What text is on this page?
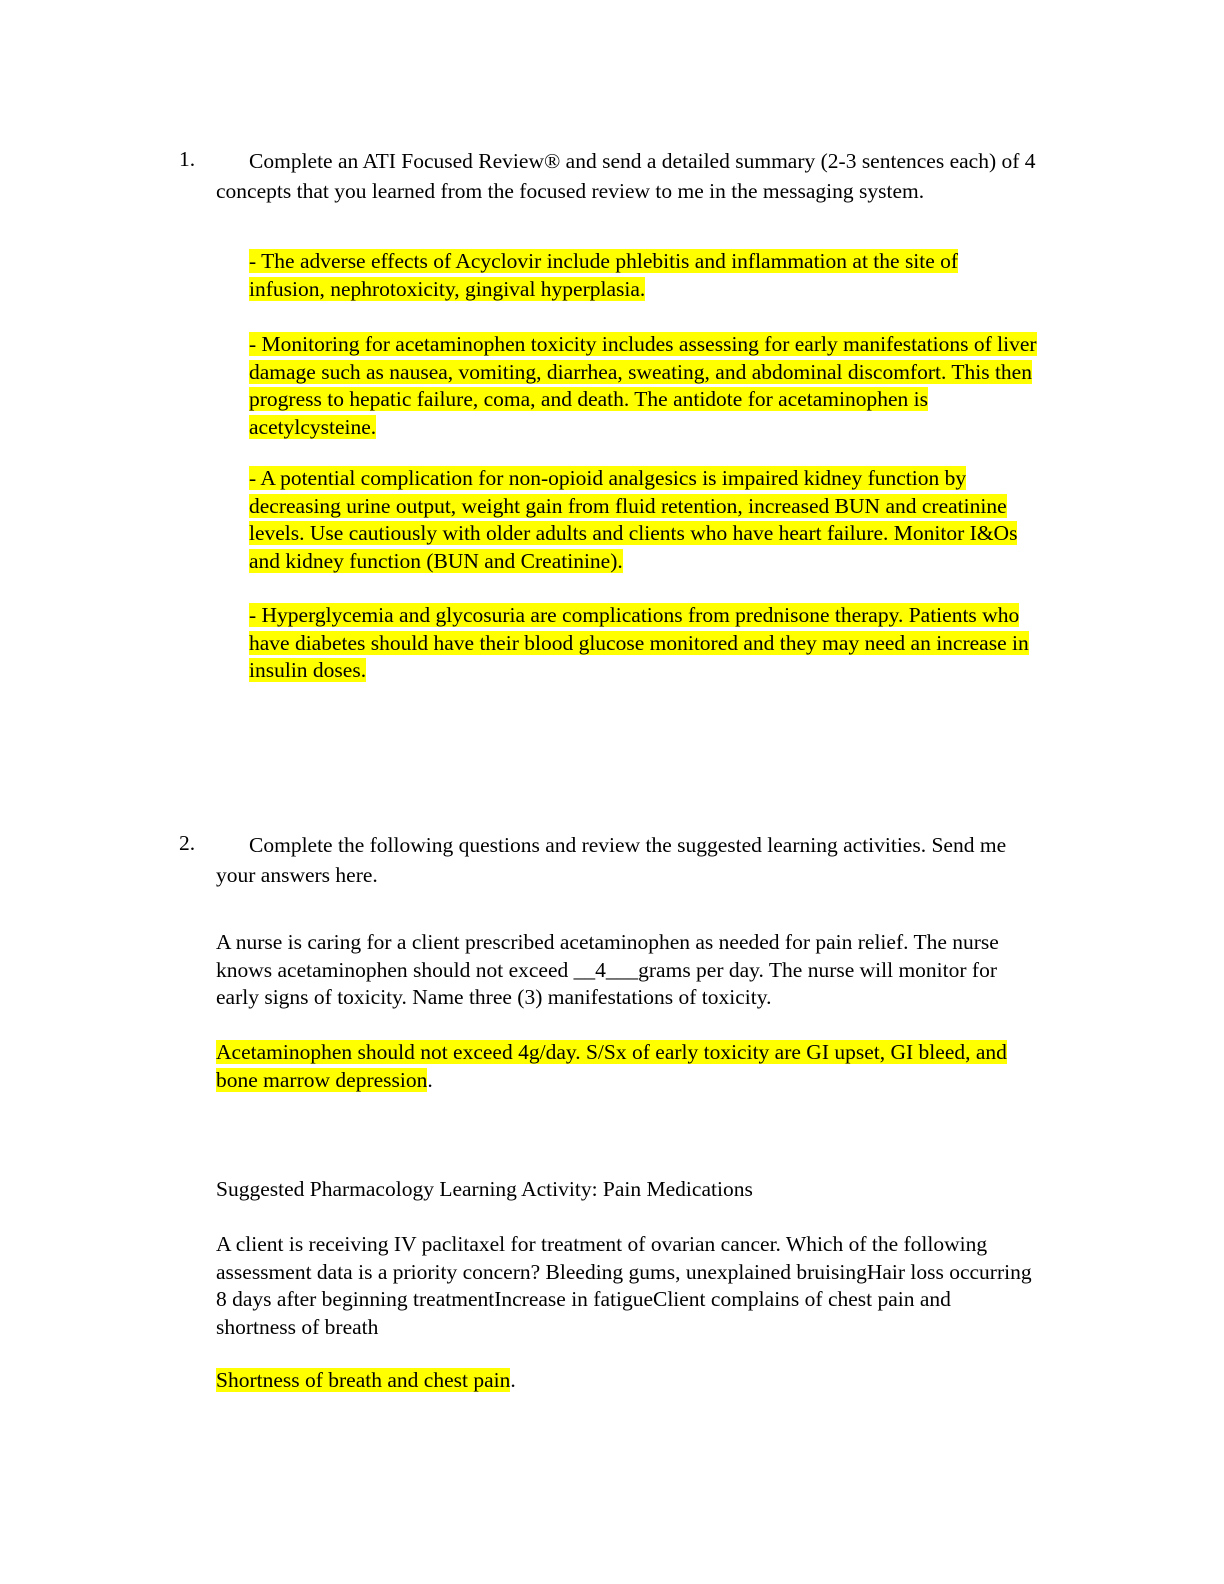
1.	Complete an ATI Focused Review® and send a detailed summary (2-3 sentences each) of 4 concepts that you learned from the focused review to me in the messaging system.
- The adverse effects of Acyclovir include phlebitis and inflammation at the site of infusion, nephrotoxicity, gingival hyperplasia.
- Monitoring for acetaminophen toxicity includes assessing for early manifestations of liver damage such as nausea, vomiting, diarrhea, sweating, and abdominal discomfort. This then progress to hepatic failure, coma, and death. The antidote for acetaminophen is acetylcysteine.
- A potential complication for non-opioid analgesics is impaired kidney function by decreasing urine output, weight gain from fluid retention, increased BUN and creatinine levels. Use cautiously with older adults and clients who have heart failure. Monitor I&Os and kidney function (BUN and Creatinine).
- Hyperglycemia and glycosuria are complications from prednisone therapy. Patients who have diabetes should have their blood glucose monitored and they may need an increase in insulin doses.
2.	Complete the following questions and review the suggested learning activities. Send me your answers here.
A nurse is caring for a client prescribed acetaminophen as needed for pain relief. The nurse knows acetaminophen should not exceed __4___grams per day. The nurse will monitor for early signs of toxicity. Name three (3) manifestations of toxicity.
Acetaminophen should not exceed 4g/day. S/Sx of early toxicity are GI upset, GI bleed, and bone marrow depression.
Suggested Pharmacology Learning Activity: Pain Medications
A client is receiving IV paclitaxel for treatment of ovarian cancer. Which of the following assessment data is a priority concern? Bleeding gums, unexplained bruisingHair loss occurring 8 days after beginning treatmentIncrease in fatigueClient complains of chest pain and shortness of breath
Shortness of breath and chest pain.
